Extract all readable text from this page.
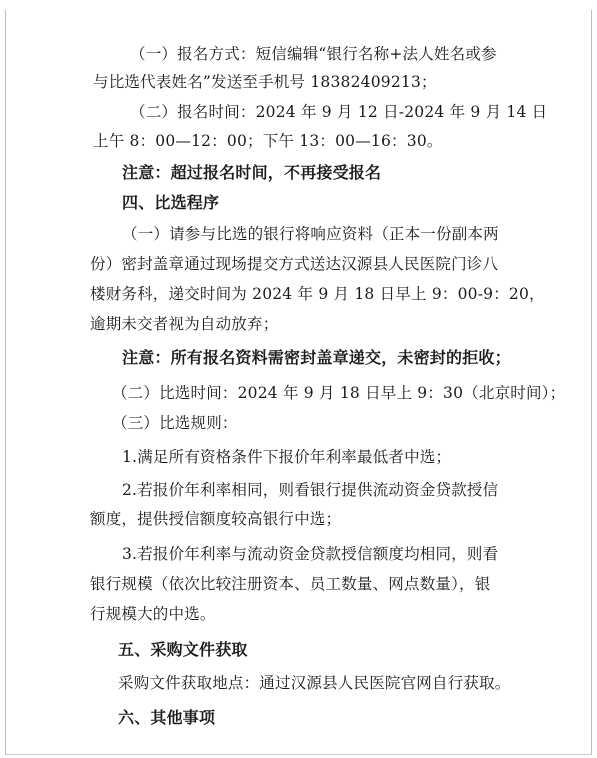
（一）报名方式：短信编辑“银行名称+法人姓名或参
与比选代表姓名”发送至手机号 18382409213；
（二）报名时间：2024 年 9 月 12 日-2024 年 9 月 14 日
上午 8：00—12：00；下午 13：00—16：30。
注意：超过报名时间，不再接受报名
四、比选程序
（一）请参与比选的银行将响应资料（正本一份副本两
份）密封盖章通过现场提交方式送达汉源县人民医院门诊八
楼财务科，递交时间为 2024 年 9 月 18 日早上 9：00-9：20，
逾期未交者视为自动放弃；
注意：所有报名资料需密封盖章递交，未密封的拒收；
（二）比选时间：2024 年 9 月 18 日早上 9：30（北京时间）；
（三）比选规则：
1.满足所有资格条件下报价年利率最低者中选；
2.若报价年利率相同，则看银行提供流动资金贷款授信
额度，提供授信额度较高银行中选；
3.若报价年利率与流动资金贷款授信额度均相同，则看
银行规模（依次比较注册资本、员工数量、网点数量），银
行规模大的中选。
五、采购文件获取
采购文件获取地点：通过汉源县人民医院官网自行获取。
六、其他事项
